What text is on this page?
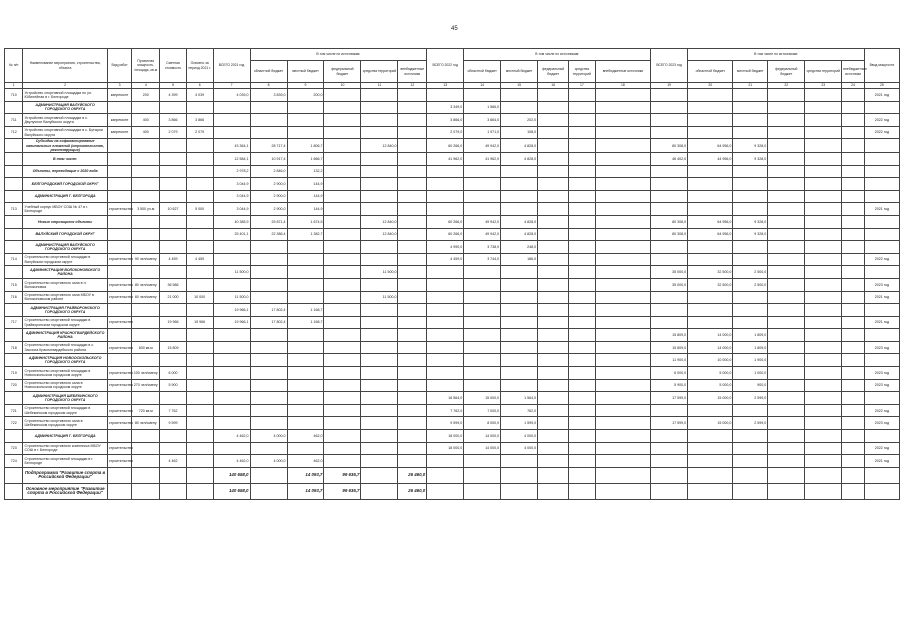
45
№ п/п	Наименование мероприятия, строительства, объекта	Вид работ	Проектная мощность, площадь, кв.м	Сметная стоимость	Освоено за период 2021 г.	ВСЕГО 2021 год	В том числе по источникам:					ВСЕГО 2022 год	В том числе по источникам:					ВСЕГО 2023 год	В том числе по источникам:					Ввод мощности
							областной бюджет	местный бюджет	федеральный бюджет	средства территорий	внебюджетные источники		областной бюджет	местный бюджет	федеральный бюджет	средства территорий	внебюджетные источники		областной бюджет	местный бюджет	федеральный бюджет	средства территорий	внебюджетные источники	
1	2	3	4	5	6	7	8	9	10	11	12	13	14	15	16	17	18	19	20	21	22	23	24	25
710	Устройство спортивной площадки по ул. Юбилейная в г. Белгороде	капремонт	200	4 399	4 039	4 039,0	3 839,0	200,0																2021 год
	АДМИНИСТРАЦИЯ ВАЛУЙСКОГО ГОРОДСКОГО ОКРУГА											3 349,0	1 566,0											
711	Устройство спортивной площадки в с. Двулучное Валуйского округа	капремонт	400	3 866	3 866							3 866,0	3 664,0	202,0										2022 год
712	Устройство спортивной площадки в с. Бутырки Валуйского округа	капремонт	400	2 079	2 079							2 079,0	1 971,0	108,0										2022 год
	Субсидии на софинансирование капитальных вложений (строительство, реконструкция)					43 364,1	28 717,4	1 806,7		12 840,0		60 266,0	49 942,0	4 828,0				80 308,0	64 956,0	9 328,0				
	В том числе:					12 584,1	10 917,4	1 666,7				41 962,0	41 962,0	4 828,0				46 402,0	44 956,0	9 328,0				
	Объекты, переходящие с 2020 года					2 978,2	2 846,0	132,2																
	БЕЛГОРОДСКИЙ ГОРОДСКОЙ ОКРУГ					3 044,9	2 900,0	144,9																
	АДМИНИСТРАЦИЯ Г. БЕЛГОРОДА					3 044,9	2 900,0	144,9																
713	Учебный корпус МБОУ СОШ № 47 в г. Белгороде	строительство	3 500 уч.м	10 627	5 000	3 044,9	2 900,0	144,9																2021 год
	Новые строящиеся объекты					40 385,9	25 871,4	1 674,5		12 840,0		60 266,0	49 942,0	4 828,0				80 308,0	64 956,0	9 328,0				
	ВАЛУЙСКИЙ ГОРОДСКОЙ ОКРУГ					25 401,1	22 386,4	1 382,7		12 840,0		60 266,0	49 942,0	4 828,0				80 308,0	64 956,0	9 328,0				
	АДМИНИСТРАЦИЯ ВАЛУЙСКОГО ГОРОДСКОГО ОКРУГА											4 990,0	3 738,0	248,0										
714	Строительство спортивной площадки в Валуйском городском округе	строительство	90 чел/смену	4 459	4 459							4 459,0	3 744,0	186,0										2022 год
	АДМИНИСТРАЦИЯ ВОЛОКОНОВСКОГО РАЙОНА					11 500,0				11 500,0								35 000,0	32 500,0	2 500,0				
715	Строительство спортивного зала в п. Волоконовка	строительство	80 чел/смену	36 586														35 000,0	32 500,0	2 500,0				2023 год
716	Строительство спортивного зала МБОУ в Волоконовском районе	строительство	60 чел/смену	21 000	10 000	11 500,0				11 500,0														2021 год
	АДМИНИСТРАЦИЯ ГРАЙВОРОНСКОГО ГОРОДСКОГО ОКРУГА					19 966,1	17 802,4	1 168,7																
717	Строительство спортивной площадки в Грайворонском городском округе	строительство		19 966	19 966	19 966,1	17 802,4	1 168,7																2021 год
	АДМИНИСТРАЦИЯ КРАСНОГВАРДЕЙСКОГО РАЙОНА																	15 809,0	14 000,0	1 809,0				
718	Строительство спортивной площадки в с. Засосна Красногвардейского района	строительство	600 кв.м	15 809														15 809,0	14 000,0	1 809,0				2023 год
	АДМИНИСТРАЦИЯ НОВООСКОЛЬСКОГО ГОРОДСКОГО ОКРУГА																	11 900,0	10 000,0	1 900,0				
719	Строительство спортивной площадки в Новооскольском городском округе	строительство	100 чел/смену	6 000														6 000,0	5 000,0	1 000,0				2023 год
720	Строительство спортивного зала в Новооскольском городском округе	строительство	270 чел/смену	5 900														5 900,0	5 000,0	900,0				2023 год
	АДМИНИСТРАЦИЯ ШЕБЕКИНСКОГО ГОРОДСКОГО ОКРУГА											16 564,0	15 000,0	1 564,0				17 599,0	15 000,0	2 599,0				
721	Строительство спортивной площадки в Шебекинском городском округе	строительство	720 кв.м	7 762								7 762,0	7 000,0	762,0										2022 год
722	Строительство спортивного зала в Шебекинском городском округе	строительство	80 чел/смену	9 599								9 599,0	8 000,0	1 599,0				17 599,0	15 000,0	2 599,0				2023 год
	АДМИНИСТРАЦИЯ Г. БЕЛГОРОДА					4 462,0	4 000,0	462,0				18 000,0	14 000,0	4 000,0										
723	Строительство спортивного комплекса МБОУ СОШ в г. Белгороде	строительство										18 000,0	14 000,0	4 000,0										2022 год
724	Строительство спортивной площадки в г. Белгороде	строительство		4 462		4 462,0	4 000,0	462,0																2021 год
	Подпрограмма "Развитие спорта в Российской Федерации"					140 658,0		14 093,7	99 636,7		26 460,0													
	Основное мероприятие "Развитие спорта в Российской Федерации"					140 658,0		14 093,7	99 636,7		26 460,0													
